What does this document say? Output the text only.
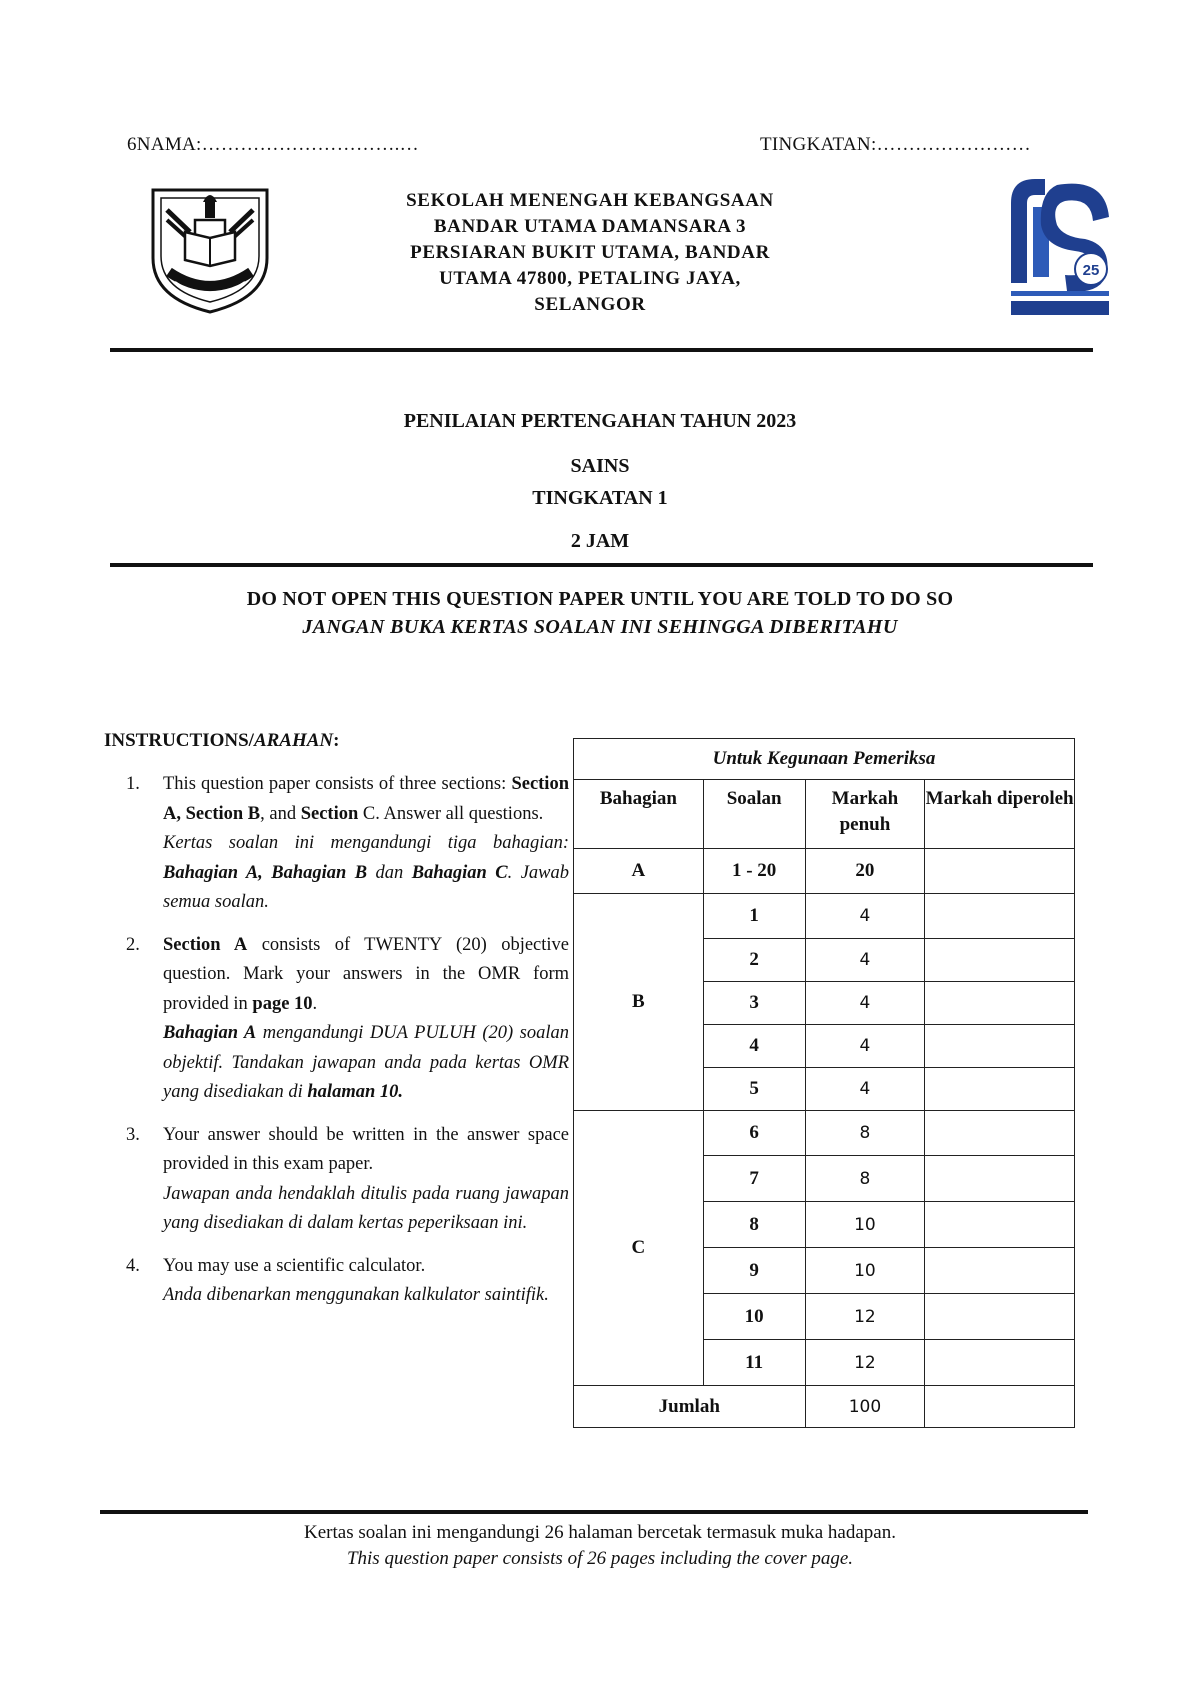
6NAMA:………………………….…	TINGKATAN:……………………
SEKOLAH MENENGAH KEBANGSAAN
BANDAR UTAMA DAMANSARA 3
PERSIARAN BUKIT UTAMA, BANDAR
UTAMA 47800, PETALING JAYA,
SELANGOR
25
PENILAIAN PERTENGAHAN TAHUN 2023
SAINS
TINGKATAN 1
2 JAM
DO NOT OPEN THIS QUESTION PAPER UNTIL YOU ARE TOLD TO DO SO
JANGAN BUKA KERTAS SOALAN INI SEHINGGA DIBERITAHU
INSTRUCTIONS/ARAHAN:
1. This question paper consists of three sections: Section A, Section B, and Section C. Answer all questions.
Kertas soalan ini mengandungi tiga bahagian: Bahagian A, Bahagian B dan Bahagian C. Jawab semua soalan.
2. Section A consists of TWENTY (20) objective question. Mark your answers in the OMR form provided in page 10.
Bahagian A mengandungi DUA PULUH (20) soalan objektif. Tandakan jawapan anda pada kertas OMR yang disediakan di halaman 10.
3. Your answer should be written in the answer space provided in this exam paper.
Jawapan anda hendaklah ditulis pada ruang jawapan yang disediakan di dalam kertas peperiksaan ini.
4. You may use a scientific calculator.
Anda dibenarkan menggunakan kalkulator saintifik.
Untuk Kegunaan Pemeriksa			
Bahagian	Soalan	Markah penuh	Markah diperoleh
A	1 - 20	20	
B	1	4	
	2	4	
	3	4	
	4	4	
	5	4	
C	6	8	
	7	8	
	8	10	
	9	10	
	10	12	
	11	12	
Jumlah		100	
Kertas soalan ini mengandungi 26 halaman bercetak termasuk muka hadapan.
This question paper consists of 26 pages including the cover page.
